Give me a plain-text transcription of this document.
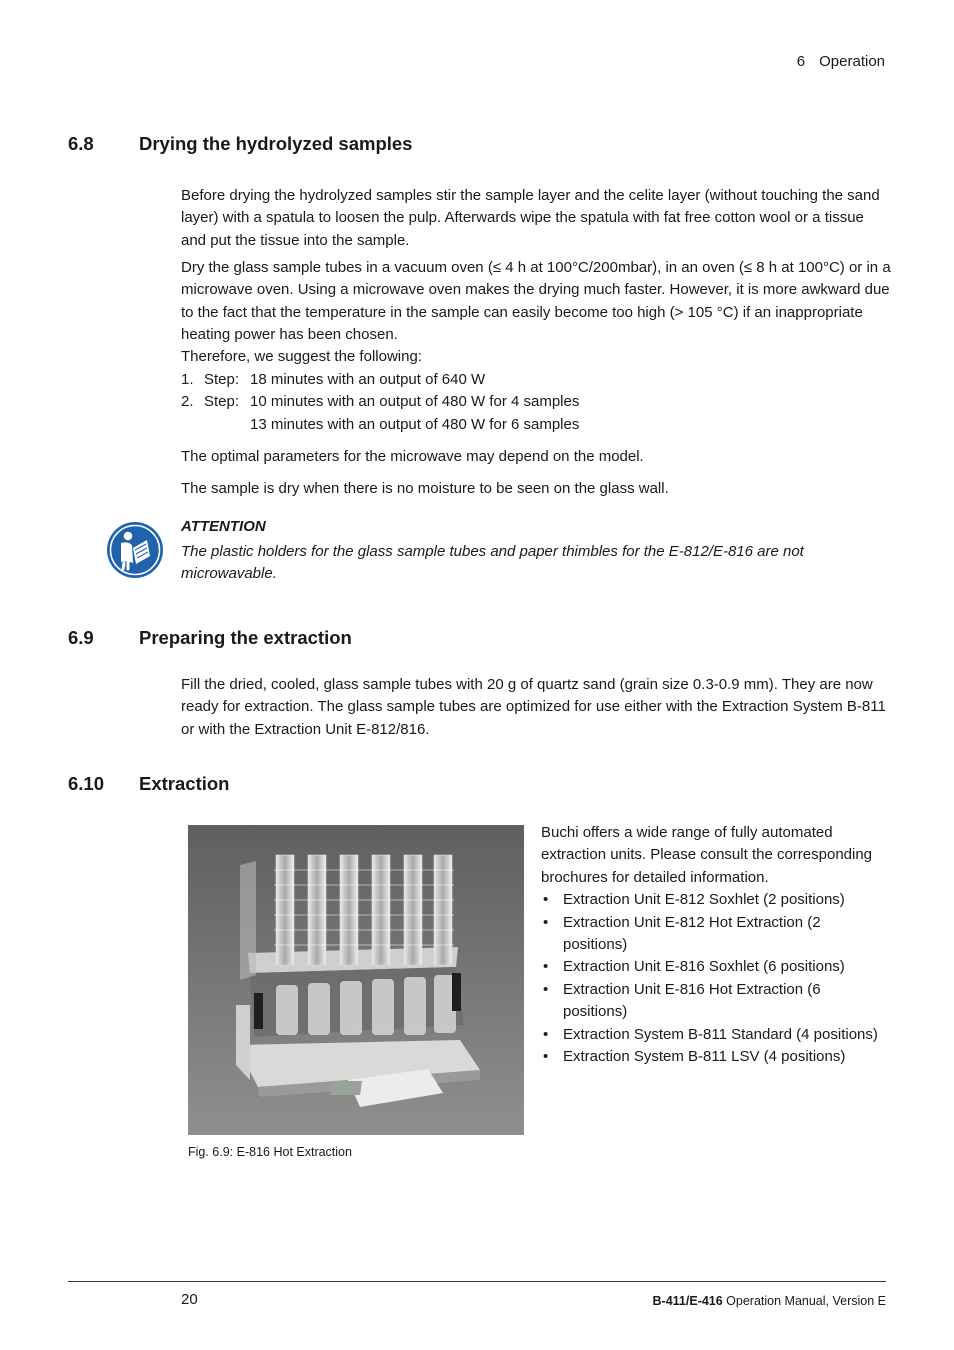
6 Operation
6.8 Drying the hydrolyzed samples
Before drying the hydrolyzed samples stir the sample layer and the celite layer (without touching the sand layer) with a spatula to loosen the pulp. Afterwards wipe the spatula with fat free cotton wool or a tissue and put the tissue into the sample.
Dry the glass sample tubes in a vacuum oven (≤ 4 h at 100°C/200mbar), in an oven (≤ 8 h at 100°C) or in a microwave oven. Using a microwave oven makes the drying much faster. However, it is more awkward due to the fact that the temperature in the sample can easily become too high (> 105 °C) if an inappropriate heating power has been chosen.
Therefore, we suggest the following:
1. Step: 18 minutes with an output of 640 W
2. Step: 10 minutes with an output of 480 W for 4 samples
13 minutes with an output of 480 W for 6 samples
The optimal parameters for the microwave may depend on the model.
The sample is dry when there is no moisture to be seen on the glass wall.
ATTENTION
The plastic holders for the glass sample tubes and paper thimbles for the E-812/E-816 are not microwavable.
6.9 Preparing the extraction
Fill the dried, cooled, glass sample tubes with 20 g of quartz sand (grain size 0.3-0.9 mm). They are now ready for extraction. The glass sample tubes are optimized for use either with the Extraction System B-811 or with the Extraction Unit E-812/816.
6.10 Extraction
Fig. 6.9: E-816 Hot Extraction
Buchi offers a wide range of fully automated extraction units. Please consult the corresponding brochures for detailed information.
• Extraction Unit E-812 Soxhlet (2 positions)
• Extraction Unit E-812 Hot Extraction (2 positions)
• Extraction Unit E-816 Soxhlet (6 positions)
• Extraction Unit E-816 Hot Extraction (6 positions)
• Extraction System B-811 Standard (4 positions)
• Extraction System B-811 LSV (4 positions)
20	B-411/E-416 Operation Manual, Version E
